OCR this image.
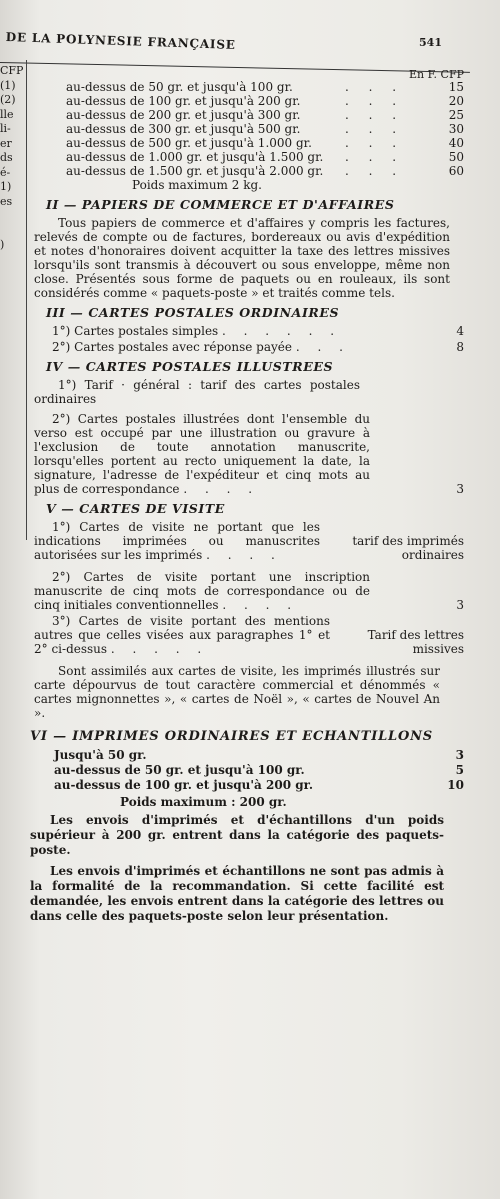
DE LA POLYNESIE FRANÇAISE	541
CFP
(1)
(2)
lle
li-
er
ds
é-
1)
es

)
En F. CFP
au-dessus de 50 gr. et jusqu'à 100 gr.	. . .	15
au-dessus de 100 gr. et jusqu'à 200 gr.	. . .	20
au-dessus de 200 gr. et jusqu'à 300 gr.	. . .	25
au-dessus de 300 gr. et jusqu'à 500 gr.	. . .	30
au-dessus de 500 gr. et jusqu'à 1.000 gr.	. . .	40
au-dessus de 1.000 gr. et jusqu'à 1.500 gr. . . .	50
au-dessus de 1.500 gr. et jusqu'à 2.000 gr. . . .	60
Poids maximum 2 kg.
II — PAPIERS DE COMMERCE ET D'AFFAIRES

Tous papiers de commerce et d'affaires y compris les factures, relevés de compte ou de factures, bordereaux ou avis d'expédition et notes d'honoraires doivent acquitter la taxe des lettres missives lorsqu'ils sont transmis à découvert ou sous enveloppe, même non close. Présentés sous forme de paquets ou en rouleaux, ils sont considérés comme « paquets-poste » et traités comme tels.

III — CARTES POSTALES ORDINAIRES
1°) Cartes postales simples . . . . . .	4
2°) Cartes postales avec réponse payée . . .	8
IV — CARTES POSTALES ILLUSTREES

1°) Tarif · général : tarif des cartes postales ordinaires

2°) Cartes postales illustrées dont l'ensemble du verso est occupé par une illustration ou gravure à l'exclusion de toute annotation manuscrite, lorsqu'elles portent au recto uniquement la date, la signature, l'adresse de l'expéditeur et cinq mots au plus de correspondance . . . .	3
V — CARTES DE VISITE
1°) Cartes de visite ne portant que les indications imprimées ou manuscrites autorisées sur les imprimés . . . .
tarif des imprimés ordinaires
2°) Cartes de visite portant une inscription manuscrite de cinq mots de correspondance ou de cinq initiales conventionnelles . . . .	3
3°) Cartes de visite portant des mentions autres que celles visées aux paragraphes 1° et 2° ci-dessus . . . . .
Tarif des lettres missives

Sont assimilés aux cartes de visite, les imprimés illustrés sur carte dépourvus de tout caractère commercial et dénommés « cartes mignonnettes », « cartes de Noël », « cartes de Nouvel An ».

VI — IMPRIMES ORDINAIRES ET ECHANTILLONS
Jusqu'à 50 gr.	3
au-dessus de 50 gr. et jusqu'à 100 gr.	5
au-dessus de 100 gr. et jusqu'à 200 gr.	10
Poids maximum : 200 gr.

Les envois d'imprimés et d'échantillons d'un poids supérieur à 200 gr. entrent dans la catégorie des paquets-poste.

Les envois d'imprimés et échantillons ne sont pas admis à la formalité de la recommandation. Si cette facilité est demandée, les envois entrent dans la catégorie des lettres ou dans celle des paquets-poste selon leur présentation.
